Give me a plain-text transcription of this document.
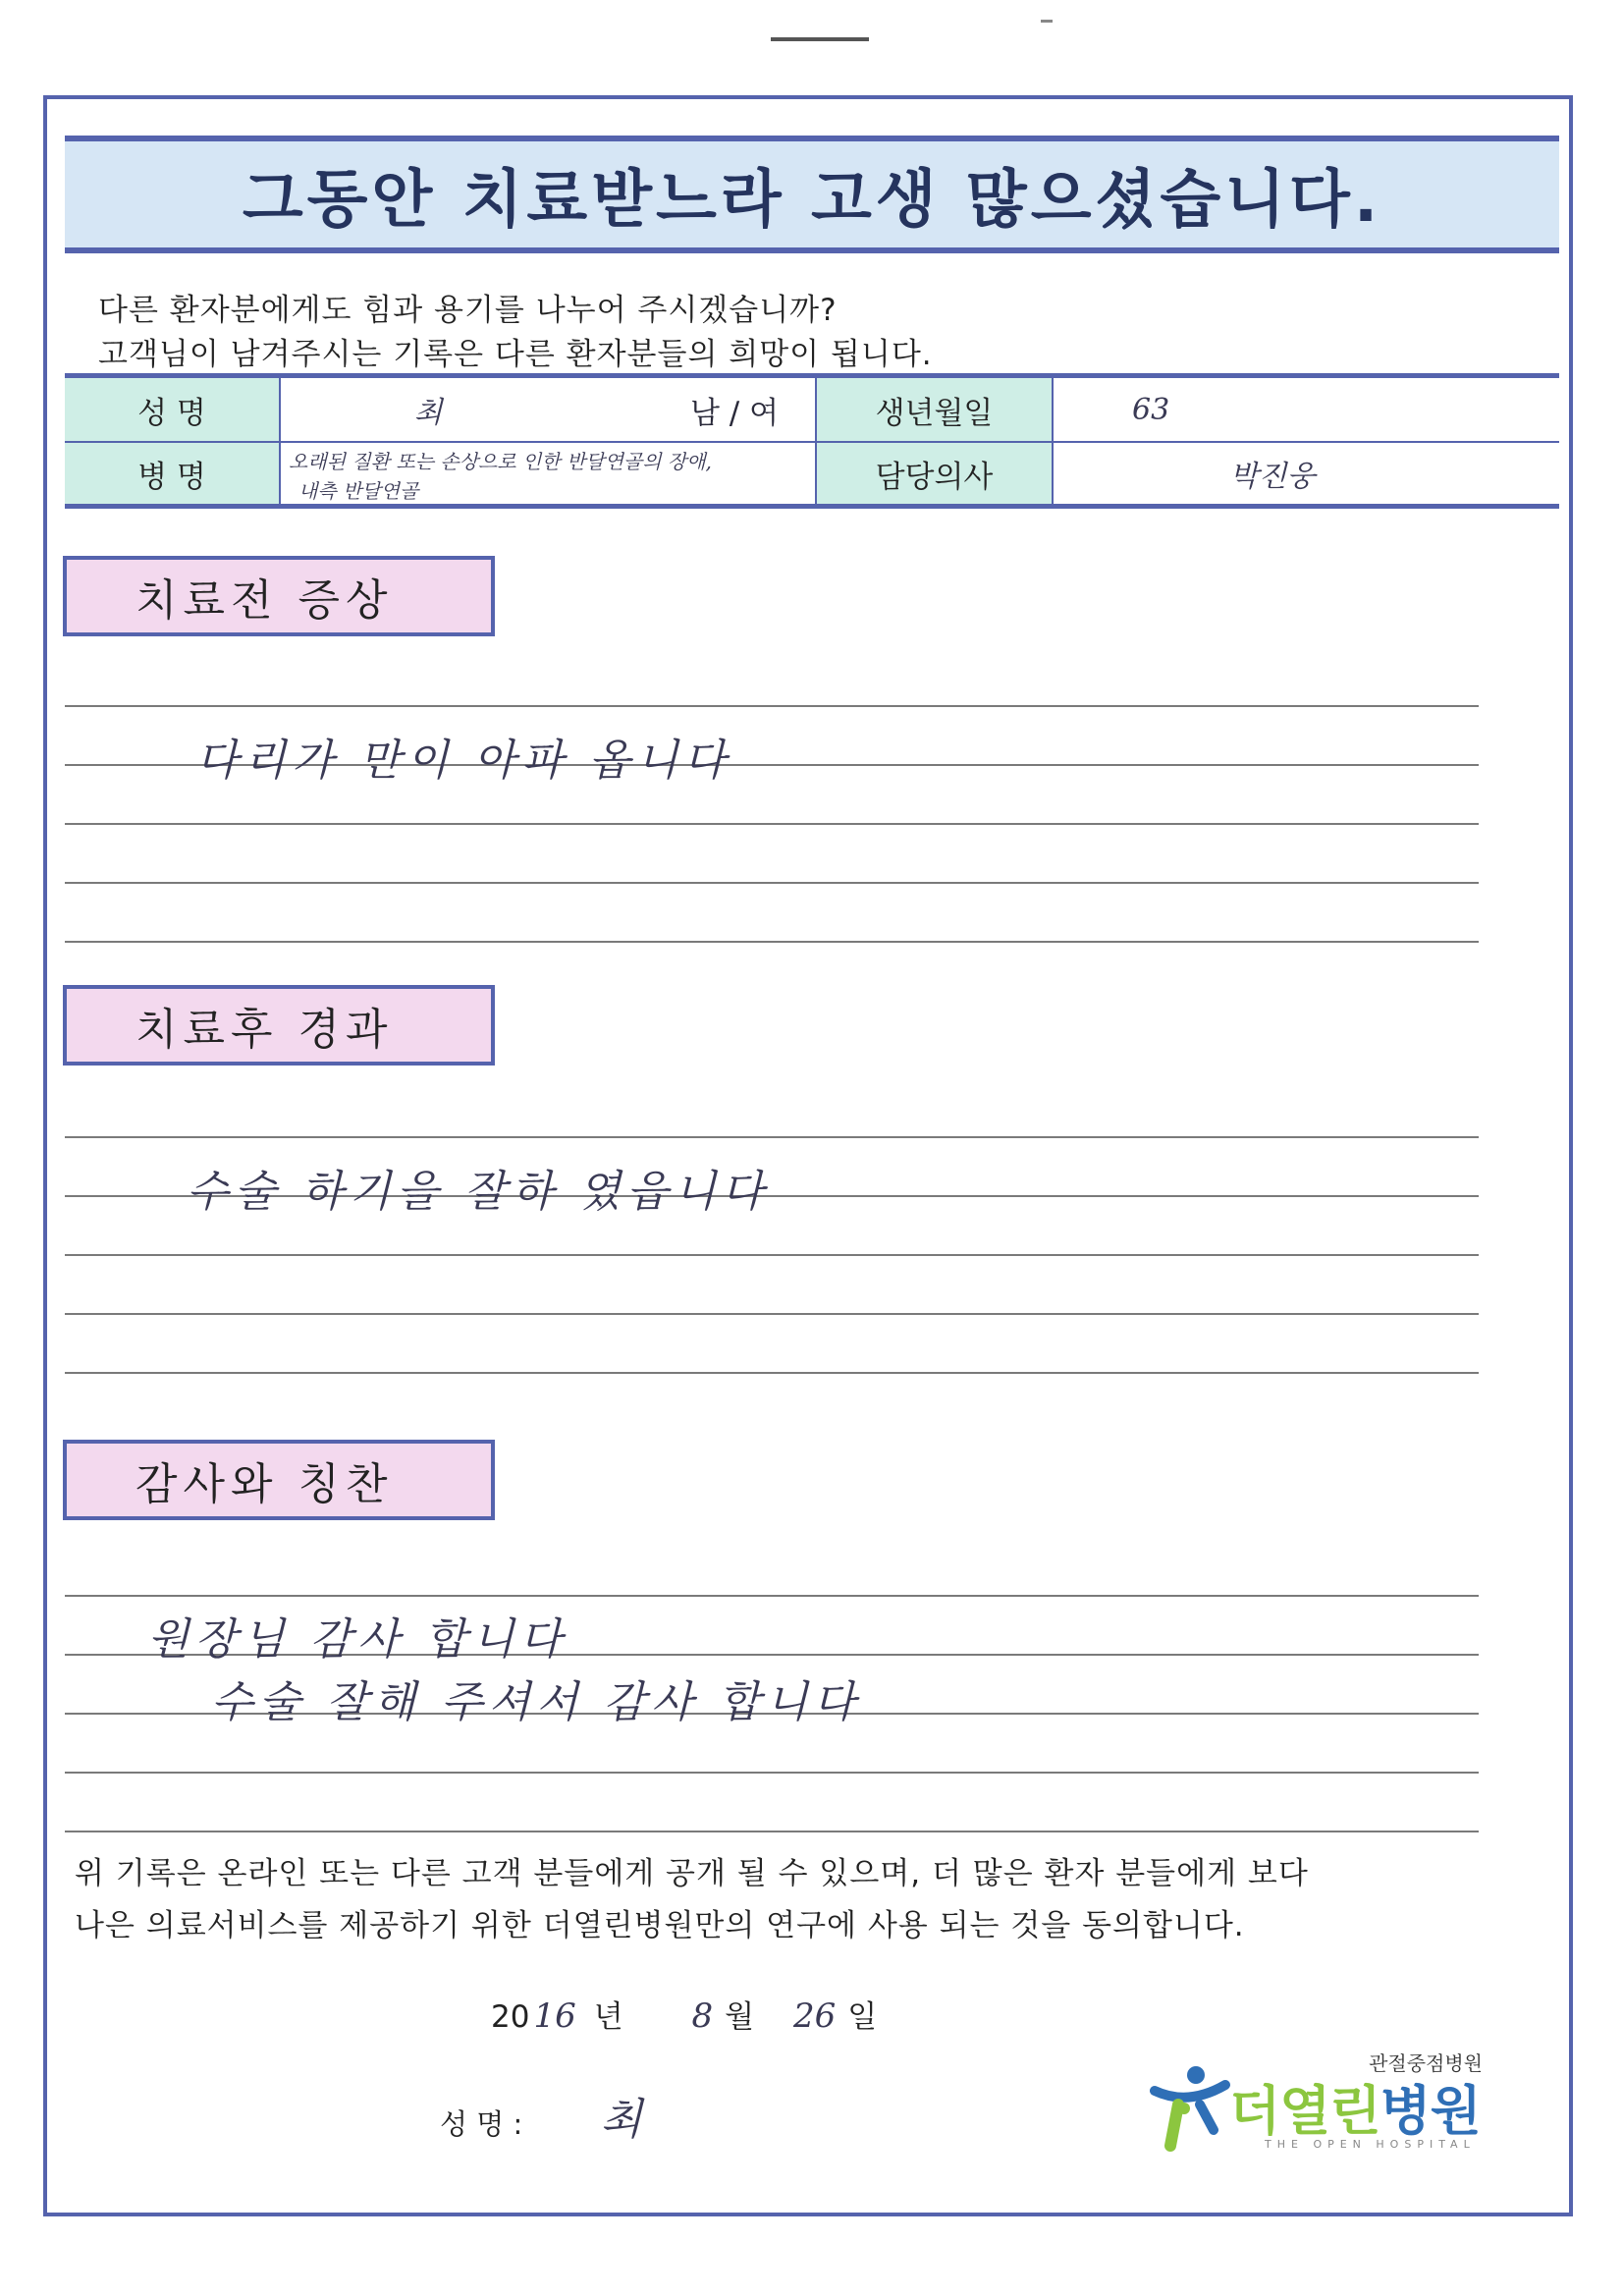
그동안 치료받느라 고생 많으셨습니다.
다른 환자분에게도 힘과 용기를 나누어 주시겠습니까?
고객님이 남겨주시는 기록은 다른 환자분들의 희망이 됩니다.
성 명	최	남 / 여	생년월일	63
병 명	오래된 질환 또는 손상으로 인한 반달연골의 장애,
내측 반달연골	담당의사	박진웅
치료전 증상
다리가 만이 아파 옵니다
치료후 경과
수술 하기을 잘하 였읍니다
감사와 칭찬
원장님 감사 합니다
수술 잘해 주셔서 감사 합니다
위 기록은 온라인 또는 다른 고객 분들에게 공개 될 수 있으며, 더 많은 환자 분들에게 보다
나은 의료서비스를 제공하기 위한 더열린병원만의 연구에 사용 되는 것을 동의합니다.
20 16 년 8 월 26 일
성 명 : 최
관절중점병원
더열린병원
THE OPEN HOSPITAL
